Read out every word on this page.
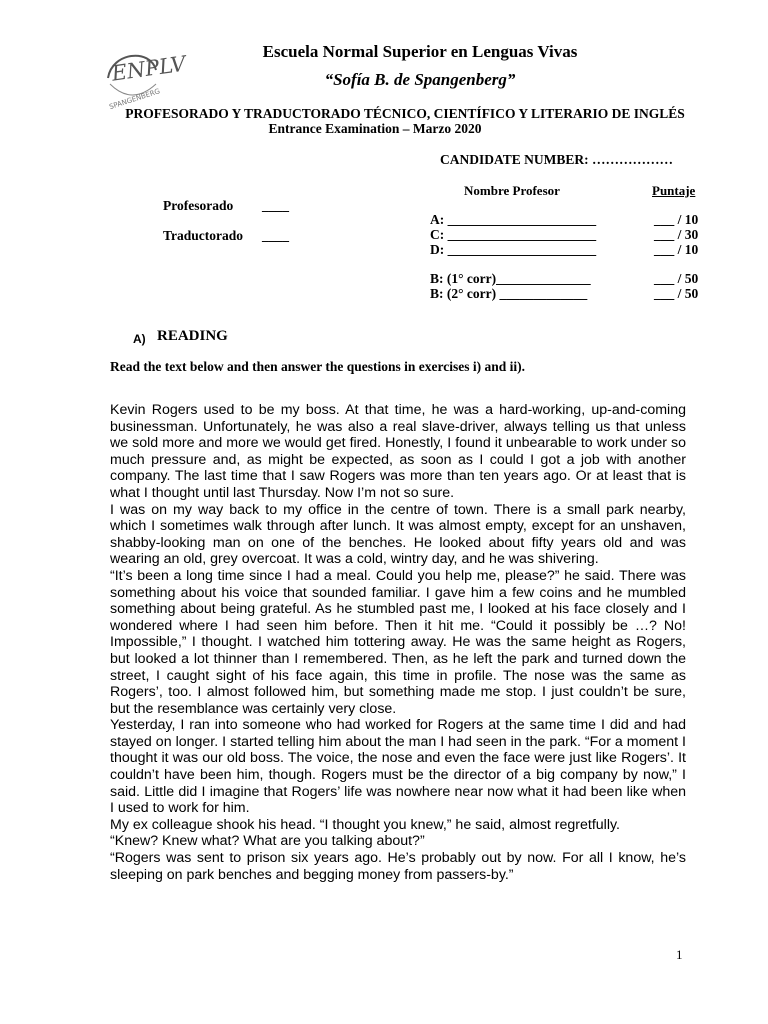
ENPLV
SPANGENBERG
Escuela Normal Superior en Lenguas Vivas
“Sofía B. de Spangenberg”
PROFESORADO Y TRADUCTORADO TÉCNICO, CIENTÍFICO Y LITERARIO DE INGLÉS
Entrance Examination – Marzo 2020
CANDIDATE NUMBER: ………………
Nombre Profesor	Puntaje
Profesorado ____
Traductorado ____
A: ______________________	___ / 10
C: ______________________	___ / 30
D: ______________________	___ / 10
B: (1° corr)______________	___ / 50
B: (2° corr) _____________	___ / 50
A) READING
Read the text below and then answer the questions in exercises i) and ii).

Kevin Rogers used to be my boss. At that time, he was a hard-working, up-and-coming businessman. Unfortunately, he was also a real slave-driver, always telling us that unless we sold more and more we would get fired. Honestly, I found it unbearable to work under so much pressure and, as might be expected, as soon as I could I got a job with another company. The last time that I saw Rogers was more than ten years ago. Or at least that is what I thought until last Thursday. Now I’m not so sure.

I was on my way back to my office in the centre of town. There is a small park nearby, which I sometimes walk through after lunch. It was almost empty, except for an unshaven, shabby-looking man on one of the benches. He looked about fifty years old and was wearing an old, grey overcoat. It was a cold, wintry day, and he was shivering.

“It’s been a long time since I had a meal. Could you help me, please?” he said. There was something about his voice that sounded familiar. I gave him a few coins and he mumbled something about being grateful. As he stumbled past me, I looked at his face closely and I wondered where I had seen him before. Then it hit me. “Could it possibly be …? No! Impossible,” I thought. I watched him tottering away. He was the same height as Rogers, but looked a lot thinner than I remembered. Then, as he left the park and turned down the street, I caught sight of his face again, this time in profile. The nose was the same as Rogers’, too. I almost followed him, but something made me stop. I just couldn’t be sure, but the resemblance was certainly very close.

Yesterday, I ran into someone who had worked for Rogers at the same time I did and had stayed on longer. I started telling him about the man I had seen in the park. “For a moment I thought it was our old boss. The voice, the nose and even the face were just like Rogers’. It couldn’t have been him, though. Rogers must be the director of a big company by now,” I said. Little did I imagine that Rogers’ life was nowhere near now what it had been like when I used to work for him.

My ex colleague shook his head. “I thought you knew,” he said, almost regretfully.

“Knew? Knew what? What are you talking about?”

“Rogers was sent to prison six years ago. He’s probably out by now. For all I know, he’s sleeping on park benches and begging money from passers-by.”

1
